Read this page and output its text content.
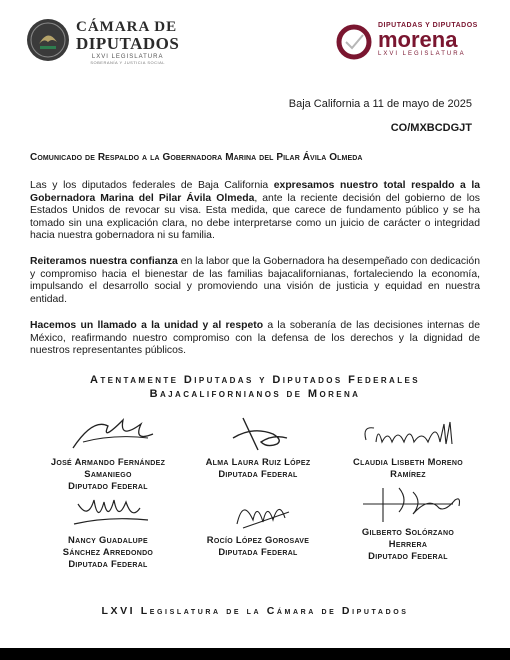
CÁMARA DE
DIPUTADOS
LXVI LEGISLATURA
SOBERANÍA Y JUSTICIA SOCIAL
DIPUTADAS Y DIPUTADOS
morena
LXVI LEGISLATURA
Baja California a 11 de mayo de 2025
CO/MXBCDGJT
Comunicado de Respaldo a la Gobernadora Marina del Pilar Ávila Olmeda
Las y los diputados federales de Baja California expresamos nuestro total respaldo a la Gobernadora Marina del Pilar Ávila Olmeda, ante la reciente decisión del gobierno de los Estados Unidos de revocar su visa. Esta medida, que carece de fundamento público y se ha tomado sin una explicación clara, no debe interpretarse como un juicio de carácter o integridad hacia nuestra gobernadora ni su familia.
Reiteramos nuestra confianza en la labor que la Gobernadora ha desempeñado con dedicación y compromiso hacia el bienestar de las familias bajacalifornianas, fortaleciendo la economía, impulsando el desarrollo social y promoviendo una visión de justicia y equidad en nuestra entidad.
Hacemos un llamado a la unidad y al respeto a la soberanía de las decisiones internas de México, reafirmando nuestro compromiso con la defensa de los derechos y la dignidad de nuestros representantes públicos.
Atentamente Diputadas y Diputados Federales
Bajacalifornianos de Morena
José Armando Fernández
Samaniego
Diputado Federal
Alma Laura Ruiz López
Diputada Federal
Claudia Lisbeth Moreno
Ramírez
Nancy Guadalupe
Sánchez Arredondo
Diputada Federal
Rocío López Gorosave
Diputada Federal
Gilberto Solórzano
Herrera
Diputado Federal
LXVI Legislatura de la Cámara de Diputados
